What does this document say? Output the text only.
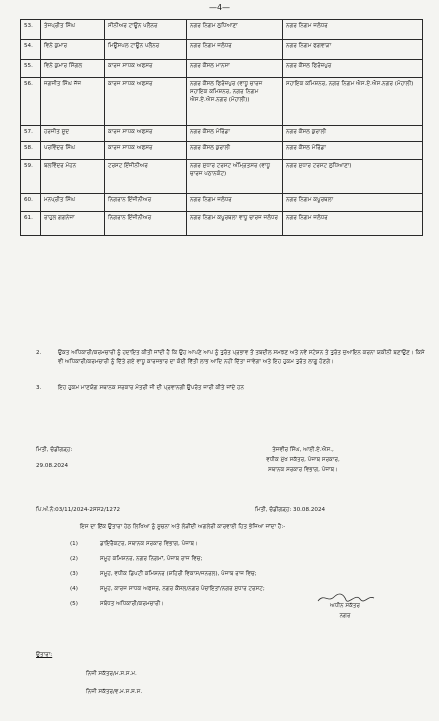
—4—
53.	ਤੇਜਪ੍ਰੀਤ ਸਿੰਘ	ਸੀਨੀਅਰ ਟਾਊਨ ਪਲੈਨਰ	ਨਗਰ ਨਿਗਮ ਲੁਧਿਆਣਾ	ਨਗਰ ਨਿਗਮ ਜਲੰਧਰ
54.	ਵਿਨੇ ਕੁਮਾਰ	ਮਿਊਂਸਪਲ ਟਾਊਨ ਪਲੈਨਰ	ਨਗਰ ਨਿਗਮ ਜਲੰਧਰ	ਨਗਰ ਨਿਗਮ ਫਗਵਾੜਾ
55.	ਵਿਨੇ ਕੁਮਾਰ ਸਿੰਗਲ	ਕਾਰਜ ਸਾਧਕ ਅਫਸਰ	ਨਗਰ ਕੌਂਸਲ ਮਾਨਸਾ	ਨਗਰ ਕੌਂਸਲ ਫਿਰੋਜ਼ਪੁਰ
56.	ਜਗਜੀਤ ਸਿੰਘ ਜੱਜ	ਕਾਰਜ ਸਾਧਕ ਅਫਸਰ	ਨਗਰ ਕੌਂਸਲ ਫਿਰੋਜ਼ਪੁਰ (ਵਾਧੂ ਚਾਰਜ ਸਹਾਇਕ ਕਮਿਸ਼ਨਰ, ਨਗਰ ਨਿਗਮ ਐਸ.ਏ.ਐਸ.ਨਗਰ (ਮੋਹਾਲੀ))	ਸਹਾਇਕ ਕਮਿਸ਼ਨਰ, ਨਗਰ ਨਿਗਮ ਐਸ.ਏ.ਐਸ.ਨਗਰ (ਮੋਹਾਲੀ)
57.	ਹਰਜੀਤ ਸੂਦ	ਕਾਰਜ ਸਾਧਕ ਅਫਸਰ	ਨਗਰ ਕੌਂਸਲ ਮੋਰਿੰਡਾ	ਨਗਰ ਕੌਂਸਲ ਕੁਰਾਲੀ
58.	ਪਰਵਿੰਦਰ ਸਿੰਘ	ਕਾਰਜ ਸਾਧਕ ਅਫਸਰ	ਨਗਰ ਕੌਂਸਲ ਕੁਰਾਲੀ	ਨਗਰ ਕੌਂਸਲ ਮੋਰਿੰਡਾ
59.	ਬਲਵਿੰਦਰ ਮੋਹਨ	ਟਰਸਟ ਇੰਜੀਨੀਅਰ	ਨਗਰ ਸੁਧਾਰ ਟਰਸਟ ਅੰਮ੍ਰਿਤਸਰ (ਵਾਧੂ ਚਾਰਜ ਪਠਾਨਕੋਟ)	ਨਗਰ ਸੁਧਾਰ ਟਰਸਟ ਲੁਧਿਆਣਾ)
60.	ਮਨਪ੍ਰੀਤ ਸਿੰਘ	ਨਿਗਰਾਨ ਇੰਜੀਨੀਅਰ	ਨਗਰ ਨਿਗਮ ਜਲੰਧਰ	ਨਗਰ ਨਿਗਮ ਕਪੂਰਥਲਾ
61.	ਰਾਹੁਲ ਗਗਨੇਜਾ	ਨਿਗਰਾਨ ਇੰਜੀਨੀਅਰ	ਨਗਰ ਨਿਗਮ ਕਪੂਰਥਲਾ ਵਾਧੂ ਚਾਰਜ ਜਲੰਧਰ	ਨਗਰ ਨਿਗਮ ਜਲੰਧਰ
2.	ਉਕਤ ਅਧਿਕਾਰੀ/ਕਰਮਚਾਰੀ ਨੂੰ ਹਦਾਇਤ ਕੀਤੀ ਜਾਂਦੀ ਹੈ ਕਿ ਉਹ ਆਪਣੇ ਆਪ ਨੂੰ ਤੁਰੰਤ ਪ੍ਰਭਾਵ ਤੋਂ ਤਬਦੀਲ ਸਮਝਣ ਅਤੇ ਨਵੇਂ ਸਟੇਸ਼ਨ ਤੇ ਤੁਰੰਤ ਜੁਆਇਨ ਕਰਨਾ ਯਕੀਨੀ ਬਣਾਉਣ। ਕਿਸੇ ਵੀ ਅਧਿਕਾਰੀ/ਕਰਮਚਾਰੀ ਨੂੰ ਦਿੱਤੇ ਗਏ ਵਾਧੂ ਕਾਰਜਭਾਰ ਦਾ ਕੋਈ ਵਿੱਤੀ ਲਾਭ ਆਦਿ ਨਹੀਂ ਦਿੱਤਾ ਜਾਵੇਗਾ ਅਤੇ ਇਹ ਹੁਕਮ ਤੁਰੰਤ ਲਾਗੂ ਹੋਣਗੇ।
3.	ਇਹ ਹੁਕਮ ਮਾਣਯੋਗ ਸਥਾਨਕ ਸਰਕਾਰ ਮੰਤਰੀ ਜੀ ਦੀ ਪ੍ਰਵਾਨਗੀ ਉਪਰੰਤ ਜਾਰੀ ਕੀਤੇ ਜਾਂਦੇ ਹਨ
ਮਿਤੀ, ਚੰਡੀਗੜ੍ਹ:
29.08.2024
ਤੇਜਵੀਰ ਸਿੰਘ, ਆਈ.ਏ.ਐਸ.,
ਵਧੀਕ ਮੁੱਖ ਸਕੱਤਰ, ਪੰਜਾਬ ਸਰਕਾਰ,
ਸਥਾਨਕ ਸਰਕਾਰ ਵਿਭਾਗ, ਪੰਜਾਬ।
ਪਿ.ਅੰ.ਨੰ:03/11/2024-2ਸਸ2/1272	ਮਿਤੀ, ਚੰਡੀਗੜ੍ਹ: 30.08.2024
ਇਸ ਦਾ ਇੱਕ ਉਤਾਰਾ ਹੇਠ ਲਿਖਿਆ ਨੂੰ ਸੂਚਨਾ ਅਤੇ ਲੋੜੀਂਦੀ ਅਗਲੇਰੀ ਕਾਰਵਾਈ ਹਿਤ ਭੇਜਿਆ ਜਾਂਦਾ ਹੈ:-
(1)	ਡਾਇਰੈਕਟਰ, ਸਥਾਨਕ ਸਰਕਾਰ ਵਿਭਾਗ, ਪੰਜਾਬ।
(2)	ਸਮੂਹ ਕਮਿਸ਼ਨਰ, ਨਗਰ ਨਿਗਮਾਂ, ਪੰਜਾਬ ਰਾਜ ਵਿਚ;
(3)	ਸਮੂਹ, ਵਧੀਕ ਡਿਪਟੀ ਕਮਿਸ਼ਨਰ (ਸ਼ਹਿਰੀ ਵਿਕਾਸ/ਜਨਰਲ), ਪੰਜਾਬ ਰਾਜ ਵਿਚ;
(4)	ਸਮੂਹ, ਕਾਰਜ ਸਾਧਕ ਅਫਸਰ, ਨਗਰ ਕੌਂਸਲ/ਨਗਰ ਪੰਚਾਇਤਾਂ/ਨਗਰ ਸੁਧਾਰ ਟਰਸਟ;
(5)	ਸਬੰਧਤ ਅਧਿਕਾਰੀ/ਕਰਮਚਾਰੀ।	ਅਧੀਨ ਸਕੱਤਰ
ਨਗਰ
ਉਤਾਰਾ:
ਨਿਜੀ ਸਕੱਤਰ/ਮ.ਸ.ਸ.ਮ.
ਨਿਜੀ ਸਕੱਤਰ/ਵ.ਮ.ਸ.ਸ.ਸ.
